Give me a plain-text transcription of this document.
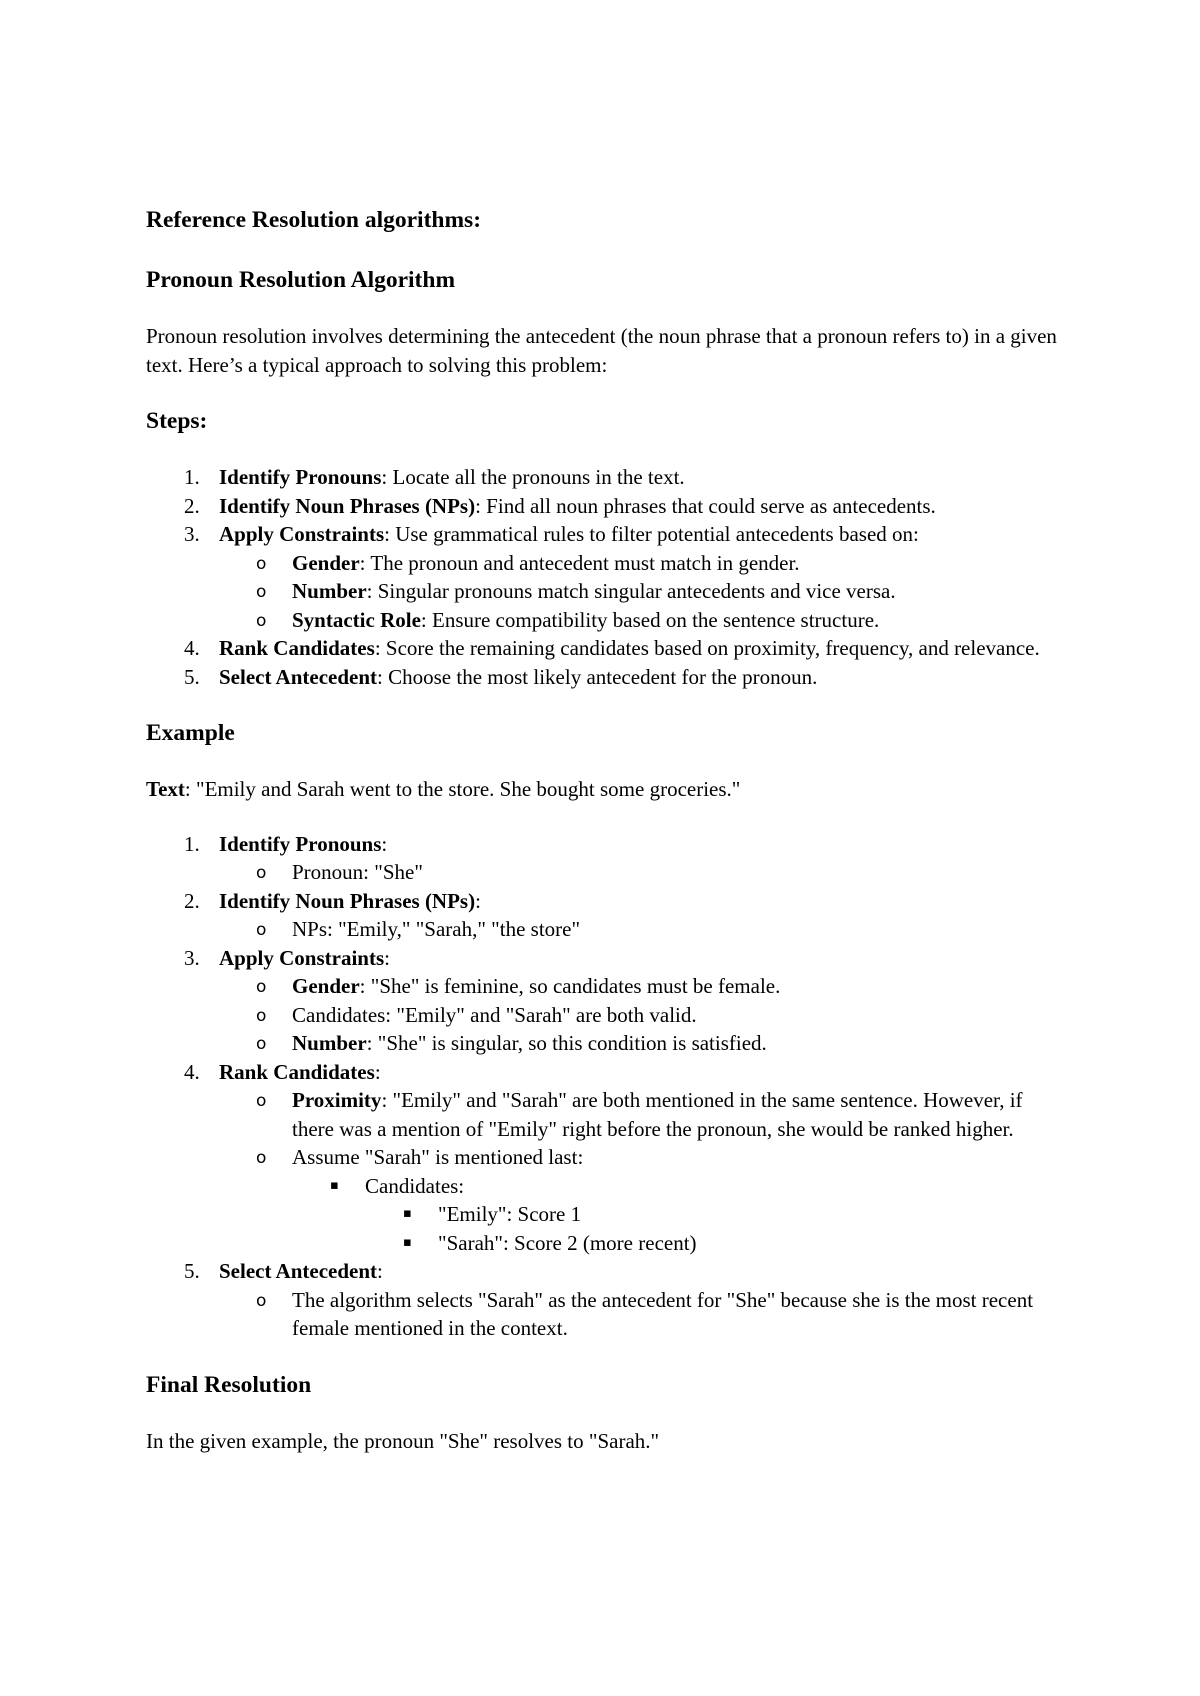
Reference Resolution algorithms:
Pronoun Resolution Algorithm
Pronoun resolution involves determining the antecedent (the noun phrase that a pronoun refers to) in a given text. Here’s a typical approach to solving this problem:
Steps:
1. Identify Pronouns: Locate all the pronouns in the text.
2. Identify Noun Phrases (NPs): Find all noun phrases that could serve as antecedents.
3. Apply Constraints: Use grammatical rules to filter potential antecedents based on:
o Gender: The pronoun and antecedent must match in gender.
o Number: Singular pronouns match singular antecedents and vice versa.
o Syntactic Role: Ensure compatibility based on the sentence structure.
4. Rank Candidates: Score the remaining candidates based on proximity, frequency, and relevance.
5. Select Antecedent: Choose the most likely antecedent for the pronoun.
Example
Text: "Emily and Sarah went to the store. She bought some groceries."
1. Identify Pronouns:
o Pronoun: "She"
2. Identify Noun Phrases (NPs):
o NPs: "Emily," "Sarah," "the store"
3. Apply Constraints:
o Gender: "She" is feminine, so candidates must be female.
o Candidates: "Emily" and "Sarah" are both valid.
o Number: "She" is singular, so this condition is satisfied.
4. Rank Candidates:
o Proximity: "Emily" and "Sarah" are both mentioned in the same sentence. However, if there was a mention of "Emily" right before the pronoun, she would be ranked higher.
o Assume "Sarah" is mentioned last:
▪ Candidates:
▪ "Emily": Score 1
▪ "Sarah": Score 2 (more recent)
5. Select Antecedent:
o The algorithm selects "Sarah" as the antecedent for "She" because she is the most recent female mentioned in the context.
Final Resolution
In the given example, the pronoun "She" resolves to "Sarah."
